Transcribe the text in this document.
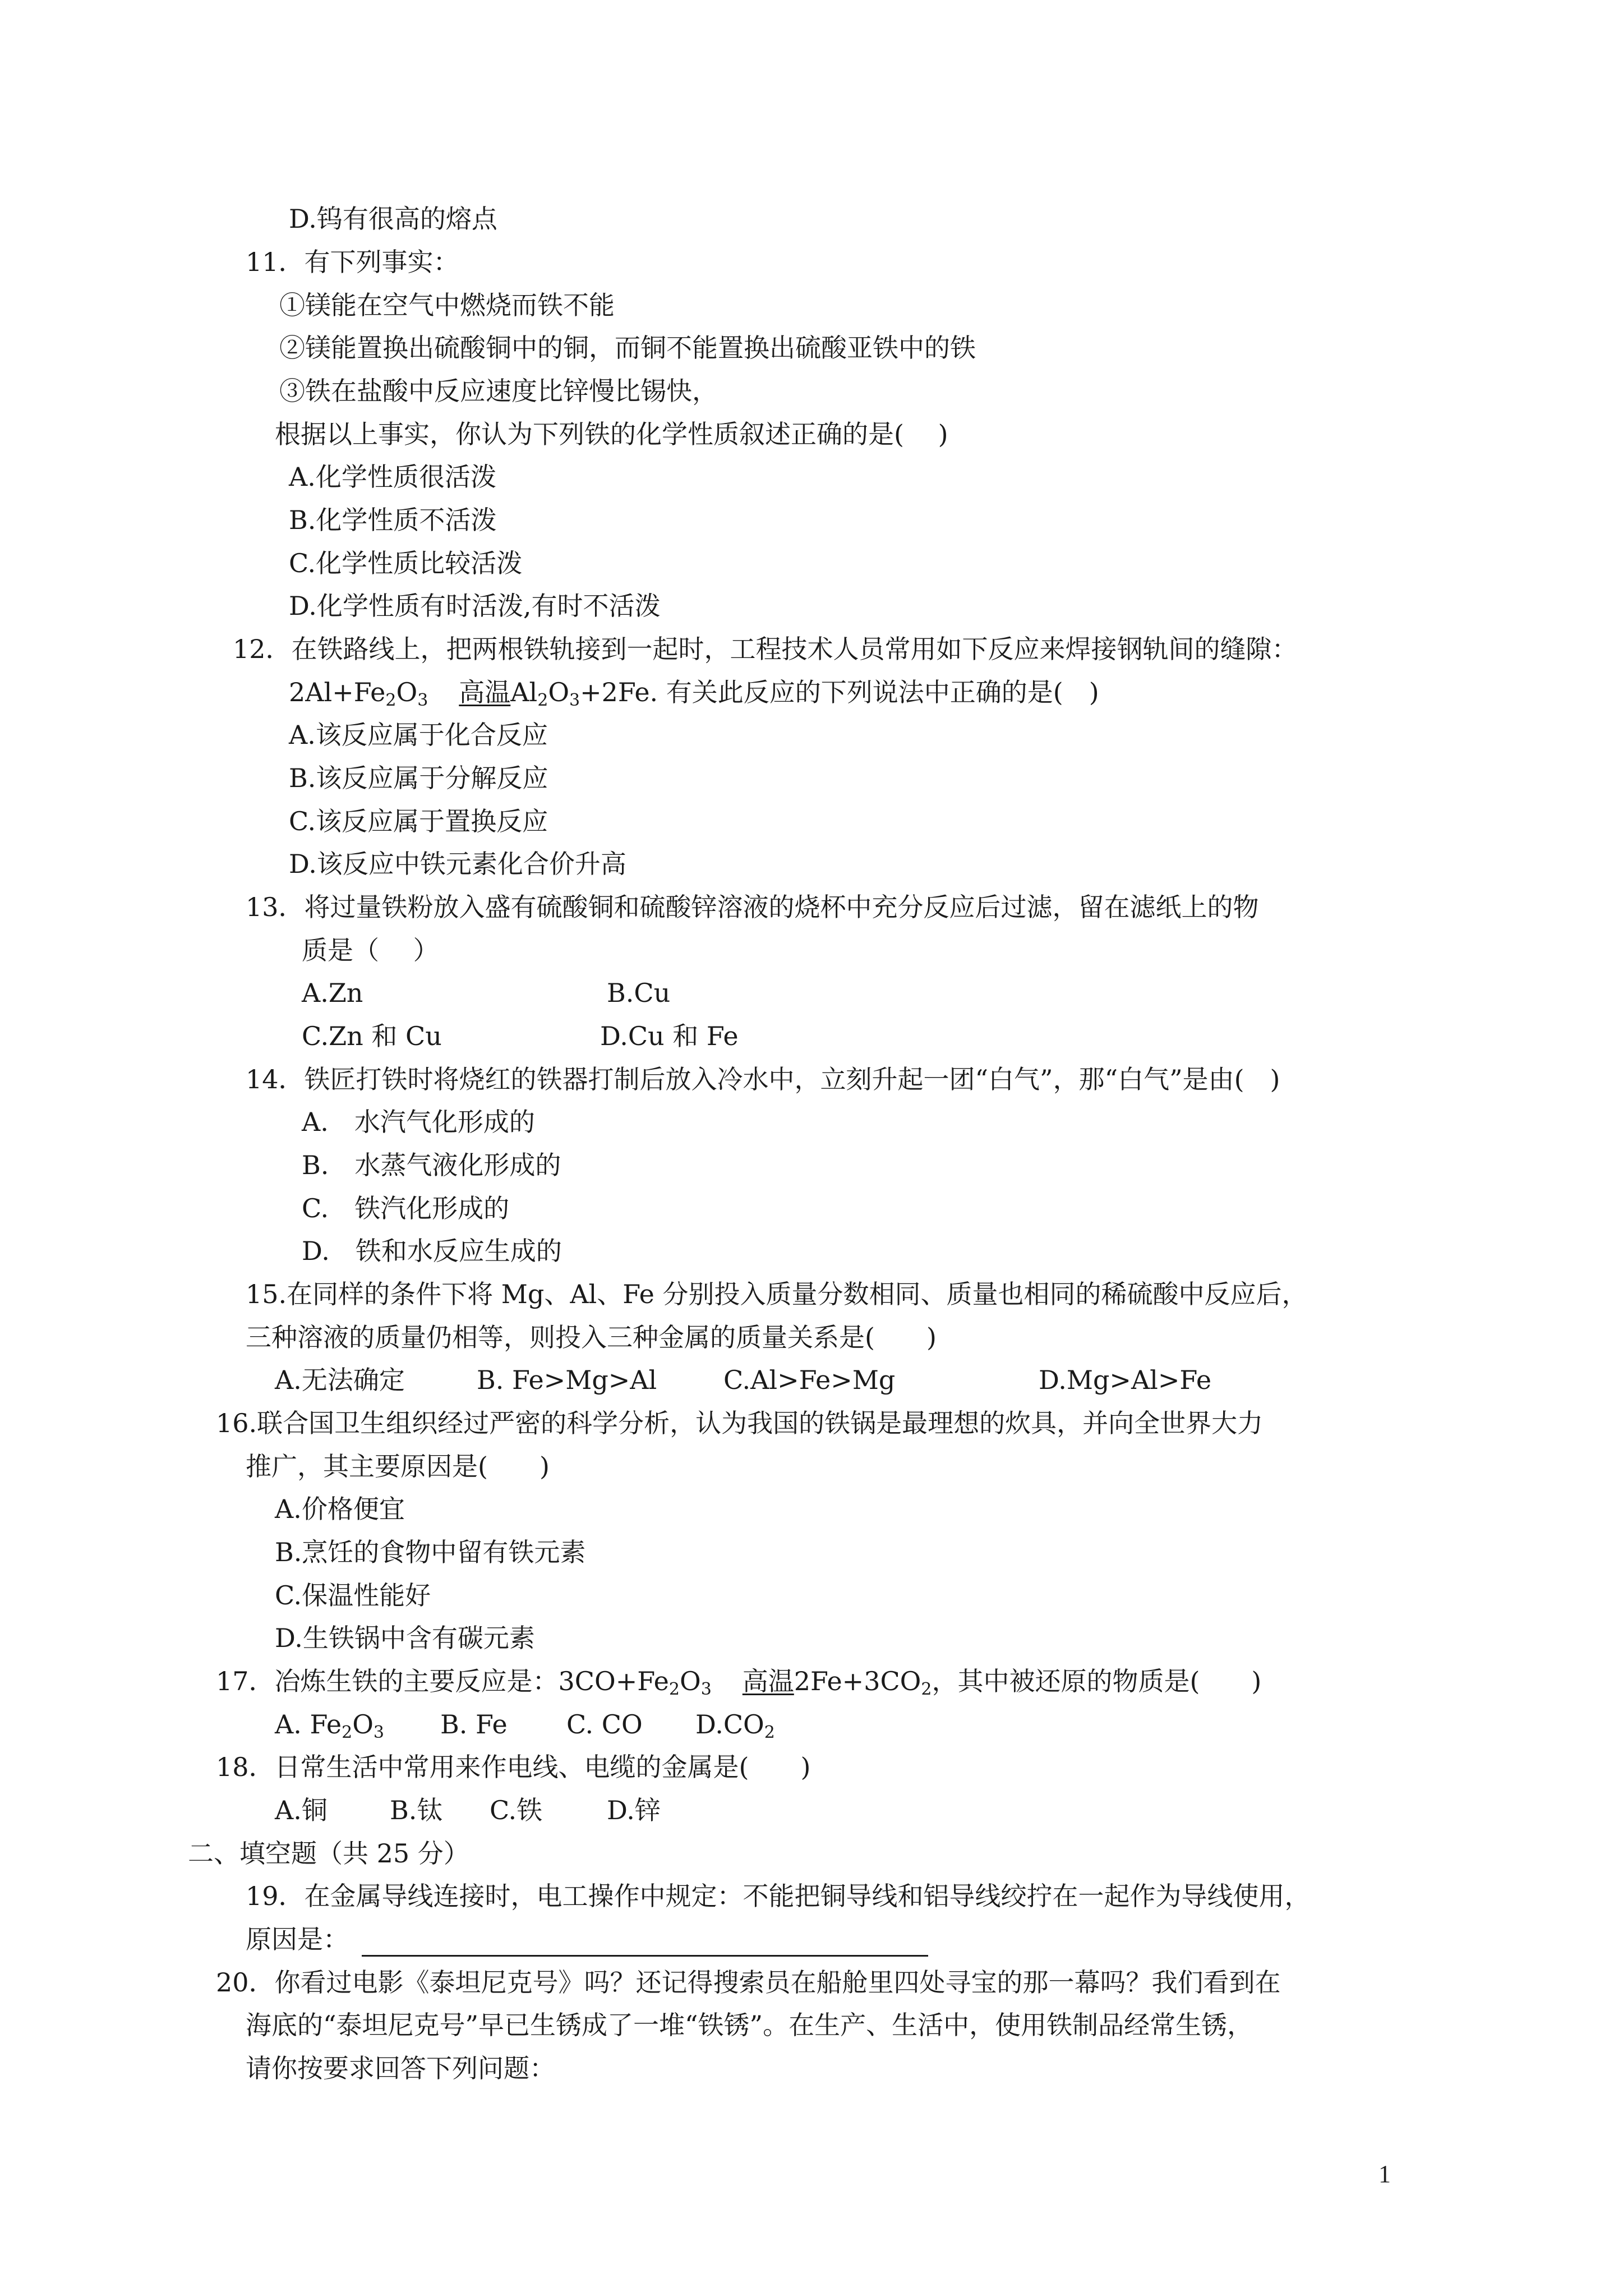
D.钨有很高的熔点
11．有下列事实：
①镁能在空气中燃烧而铁不能
②镁能置换出硫酸铜中的铜，而铜不能置换出硫酸亚铁中的铁
③铁在盐酸中反应速度比锌慢比锡快，
根据以上事实，你认为下列铁的化学性质叙述正确的是(　 )
A.化学性质很活泼
B.化学性质不活泼
C.化学性质比较活泼
D.化学性质有时活泼,有时不活泼
12．在铁路线上，把两根铁轨接到一起时，工程技术人员常用如下反应来焊接钢轨间的缝隙：
$2Al+Fe_2O_3$ 高温$Al_2O_3+2Fe$. 有关此反应的下列说法中正确的是(　)
A.该反应属于化合反应
B.该反应属于分解反应
C.该反应属于置换反应
D.该反应中铁元素化合价升高
13．将过量铁粉放入盛有硫酸铜和硫酸锌溶液的烧杯中充分反应后过滤，留在滤纸上的物
质是（　 ）
A.Zn	B.Cu
C.Zn 和 Cu	D.Cu 和 Fe
14．铁匠打铁时将烧红的铁器打制后放入冷水中，立刻升起一团“白气”，那“白气”是由(　)
A.　水汽气化形成的
B.　水蒸气液化形成的
C.　铁汽化形成的
D.　铁和水反应生成的
15.在同样的条件下将 Mg、Al、Fe 分别投入质量分数相同、质量也相同的稀硫酸中反应后，
三种溶液的质量仍相等，则投入三种金属的质量关系是(　　)
A.无法确定	B. Fe>Mg>Al	C.Al>Fe>Mg	D.Mg>Al>Fe
16.联合国卫生组织经过严密的科学分析，认为我国的铁锅是最理想的炊具，并向全世界大力
推广，其主要原因是(　　)
A.价格便宜
B.烹饪的食物中留有铁元素
C.保温性能好
D.生铁锅中含有碳元素
17．冶炼生铁的主要反应是：$3CO+Fe_2O_3$ 高温$2Fe+3CO_2$，其中被还原的物质是(　　)
A. $Fe_2O_3$ B. Fe C. CO $D.CO_2$
18．日常生活中常用来作电线、电缆的金属是(　　)
A.铜 B.钛 C.铁 D.锌
二、填空题（共 25 分）
19．在金属导线连接时，电工操作中规定：不能把铜导线和铝导线绞拧在一起作为导线使用，
原因是：
20．你看过电影《泰坦尼克号》吗？还记得搜索员在船舱里四处寻宝的那一幕吗？我们看到在
海底的“泰坦尼克号”早已生锈成了一堆“铁锈”。在生产、生活中，使用铁制品经常生锈，
请你按要求回答下列问题：
1
